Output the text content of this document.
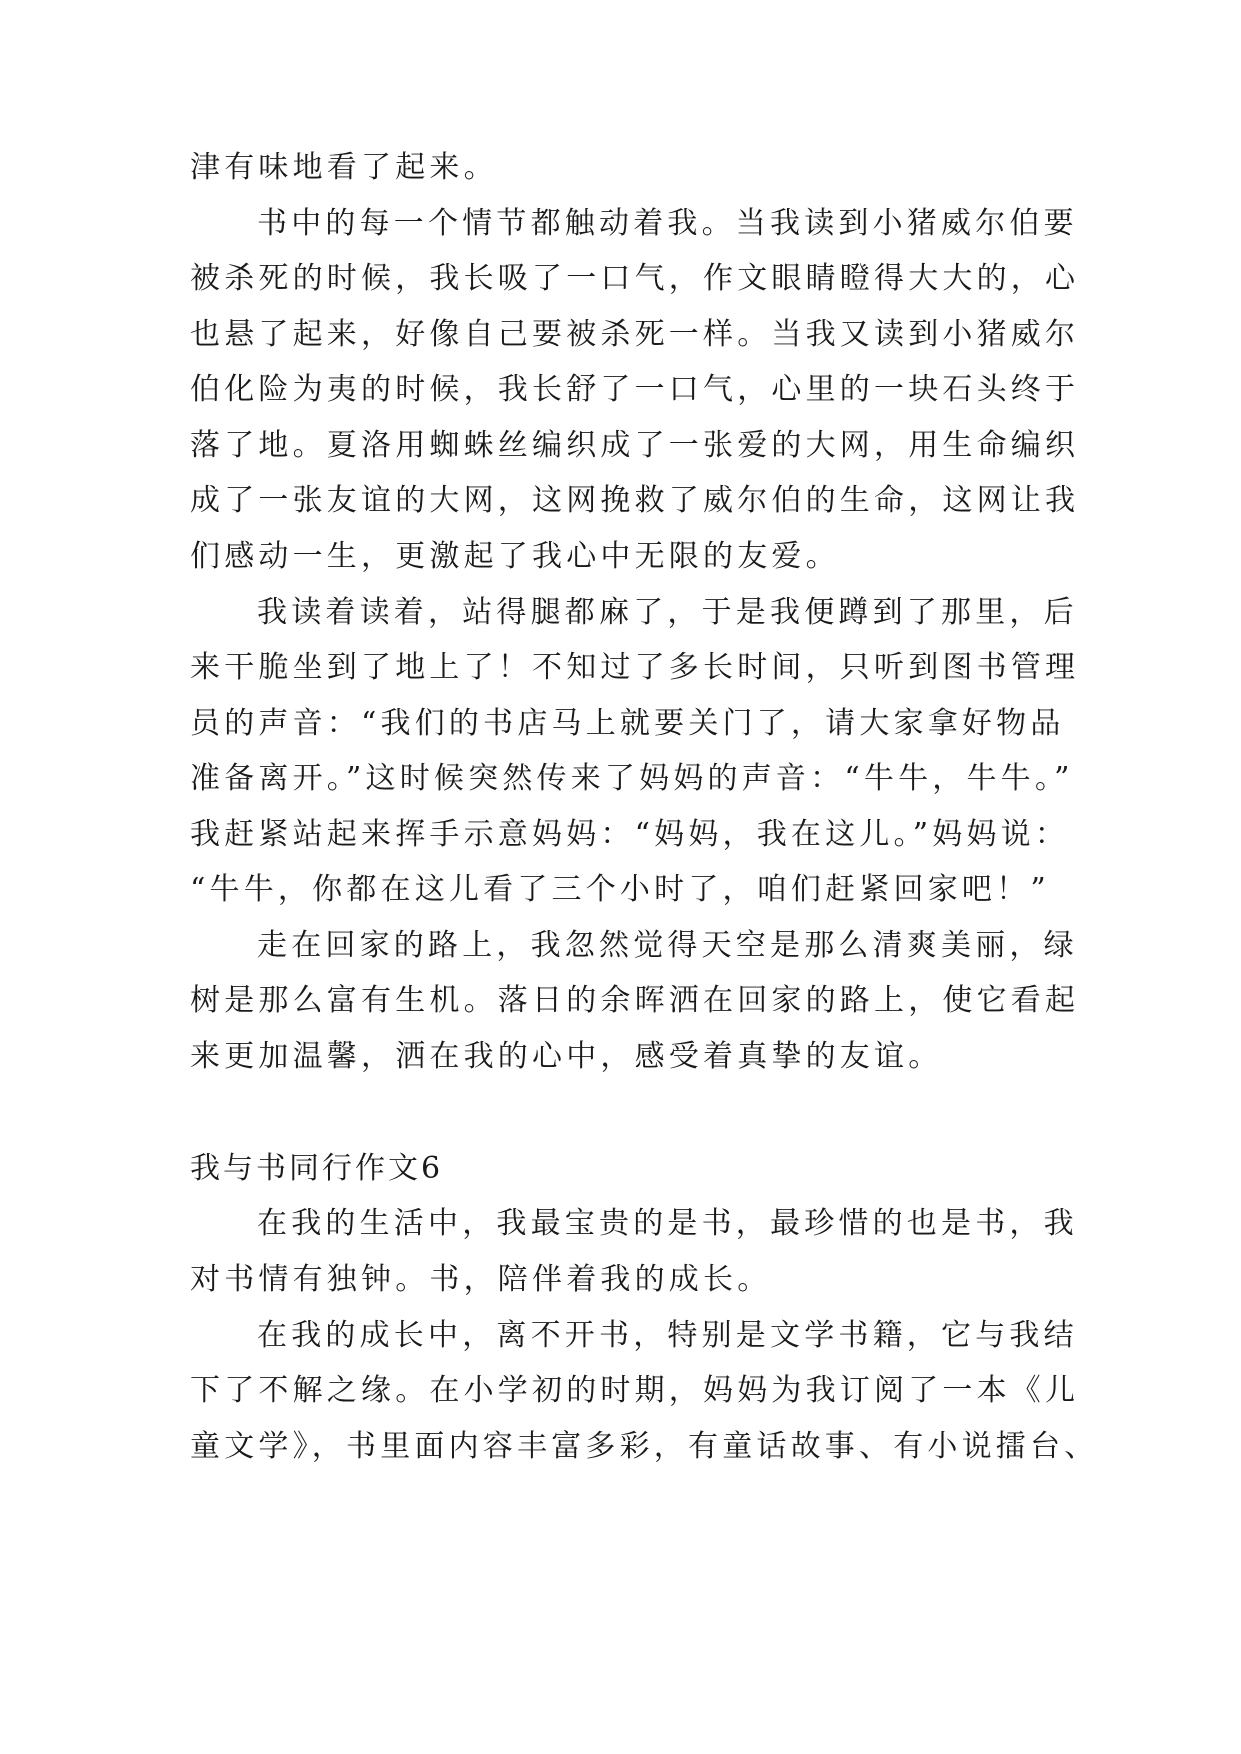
津有味地看了起来。
书中的每一个情节都触动着我。当我读到小猪威尔伯要
被杀死的时候，我长吸了一口气，作文眼睛瞪得大大的，心
也悬了起来，好像自己要被杀死一样。当我又读到小猪威尔
伯化险为夷的时候，我长舒了一口气，心里的一块石头终于
落了地。夏洛用蜘蛛丝编织成了一张爱的大网，用生命编织
成了一张友谊的大网，这网挽救了威尔伯的生命，这网让我
们感动一生，更激起了我心中无限的友爱。
我读着读着，站得腿都麻了，于是我便蹲到了那里，后
来干脆坐到了地上了！不知过了多长时间，只听到图书管理
员的声音：“我们的书店马上就要关门了，请大家拿好物品
准备离开。”这时候突然传来了妈妈的声音：“牛牛，牛牛。”
我赶紧站起来挥手示意妈妈：“妈妈，我在这儿。”妈妈说：
“牛牛，你都在这儿看了三个小时了，咱们赶紧回家吧！”
走在回家的路上，我忽然觉得天空是那么清爽美丽，绿
树是那么富有生机。落日的余晖洒在回家的路上，使它看起
来更加温馨，洒在我的心中，感受着真挚的友谊。
我与书同行作文6
在我的生活中，我最宝贵的是书，最珍惜的也是书，我
对书情有独钟。书，陪伴着我的成长。
在我的成长中，离不开书，特别是文学书籍，它与我结
下了不解之缘。在小学初的时期，妈妈为我订阅了一本《儿
童文学》，书里面内容丰富多彩，有童话故事、有小说擂台、
